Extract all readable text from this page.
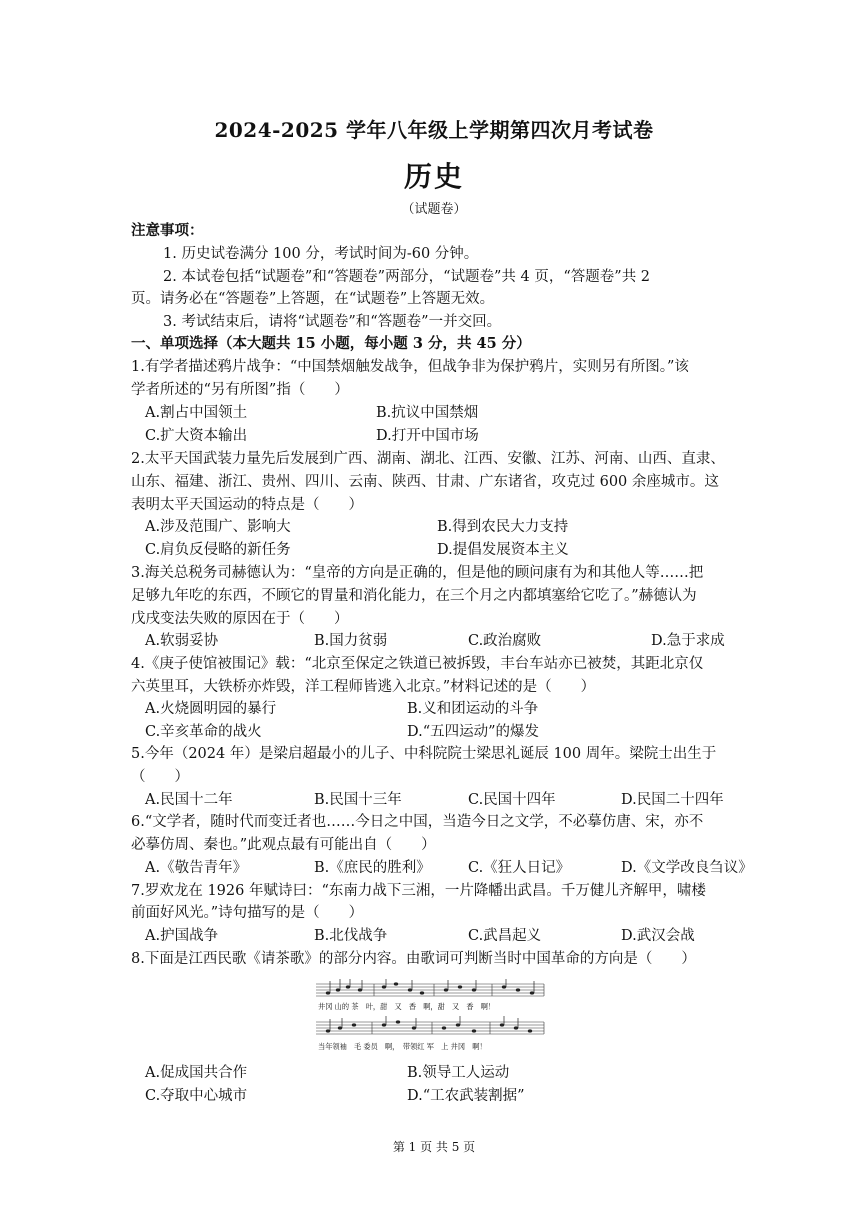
2024-2025 学年八年级上学期第四次月考试卷
历史
（试题卷）
注意事项：
1. 历史试卷满分 100 分，考试时间为-60 分钟。
2. 本试卷包括“试题卷”和“答题卷”两部分，“试题卷”共 4 页，“答题卷”共 2
页。请务必在“答题卷”上答题，在“试题卷”上答题无效。
3. 考试结束后，请将“试题卷”和“答题卷”一并交回。
一、单项选择（本大题共 15 小题，每小题 3 分，共 45 分）
1.有学者描述鸦片战争：“中国禁烟触发战争，但战争非为保护鸦片，实则另有所图。”该
学者所述的“另有所图”指（　　）
A.割占中国领土	B.抗议中国禁烟
C.扩大资本输出	D.打开中国市场
2.太平天国武装力量先后发展到广西、湖南、湖北、江西、安徽、江苏、河南、山西、直隶、
山东、福建、浙江、贵州、四川、云南、陕西、甘肃、广东诸省，攻克过 600 余座城市。这
表明太平天国运动的特点是（　　）
A.涉及范围广、影响大	B.得到农民大力支持
C.肩负反侵略的新任务	D.提倡发展资本主义
3.海关总税务司赫德认为：“皇帝的方向是正确的，但是他的顾问康有为和其他人等……把
足够九年吃的东西，不顾它的胃量和消化能力，在三个月之内都填塞给它吃了。”赫德认为
戊戌变法失败的原因在于（　　）
A.软弱妥协	B.国力贫弱	C.政治腐败	D.急于求成
4.《庚子使馆被围记》载：“北京至保定之铁道已被拆毁，丰台车站亦已被焚，其距北京仅
六英里耳，大铁桥亦炸毁，洋工程师皆逃入北京。”材料记述的是（　　）
A.火烧圆明园的暴行	B.义和团运动的斗争
C.辛亥革命的战火	D.“五四运动”的爆发
5.今年（2024 年）是梁启超最小的儿子、中科院院士梁思礼诞辰 100 周年。梁院士出生于
（　　）
A.民国十二年	B.民国十三年	C.民国十四年	D.民国二十四年
6.“文学者，随时代而变迁者也……今日之中国，当造今日之文学，不必摹仿唐、宋，亦不
必摹仿周、秦也。”此观点最有可能出自（　　）
A.《敬告青年》	B.《庶民的胜利》	C.《狂人日记》	D.《文学改良刍议》
7.罗欢龙在 1926 年赋诗曰：“东南力战下三湘，一片降幡出武昌。千万健儿齐解甲，啸楼
前面好风光。”诗句描写的是（　　）
A.护国战争	B.北伐战争	C.武昌起义	D.武汉会战
8.下面是江西民歌《请茶歌》的部分内容。由歌词可判断当时中国革命的方向是（　　）
井冈 山的 茶　叶，甜　又　香　啊，甜　又　香　啊！
当年领袖　毛 委员　啊，　带领红 军　上 井冈　啊！
A.促成国共合作	B.领导工人运动
C.夺取中心城市	D.“工农武装割据”
第 1 页 共 5 页
